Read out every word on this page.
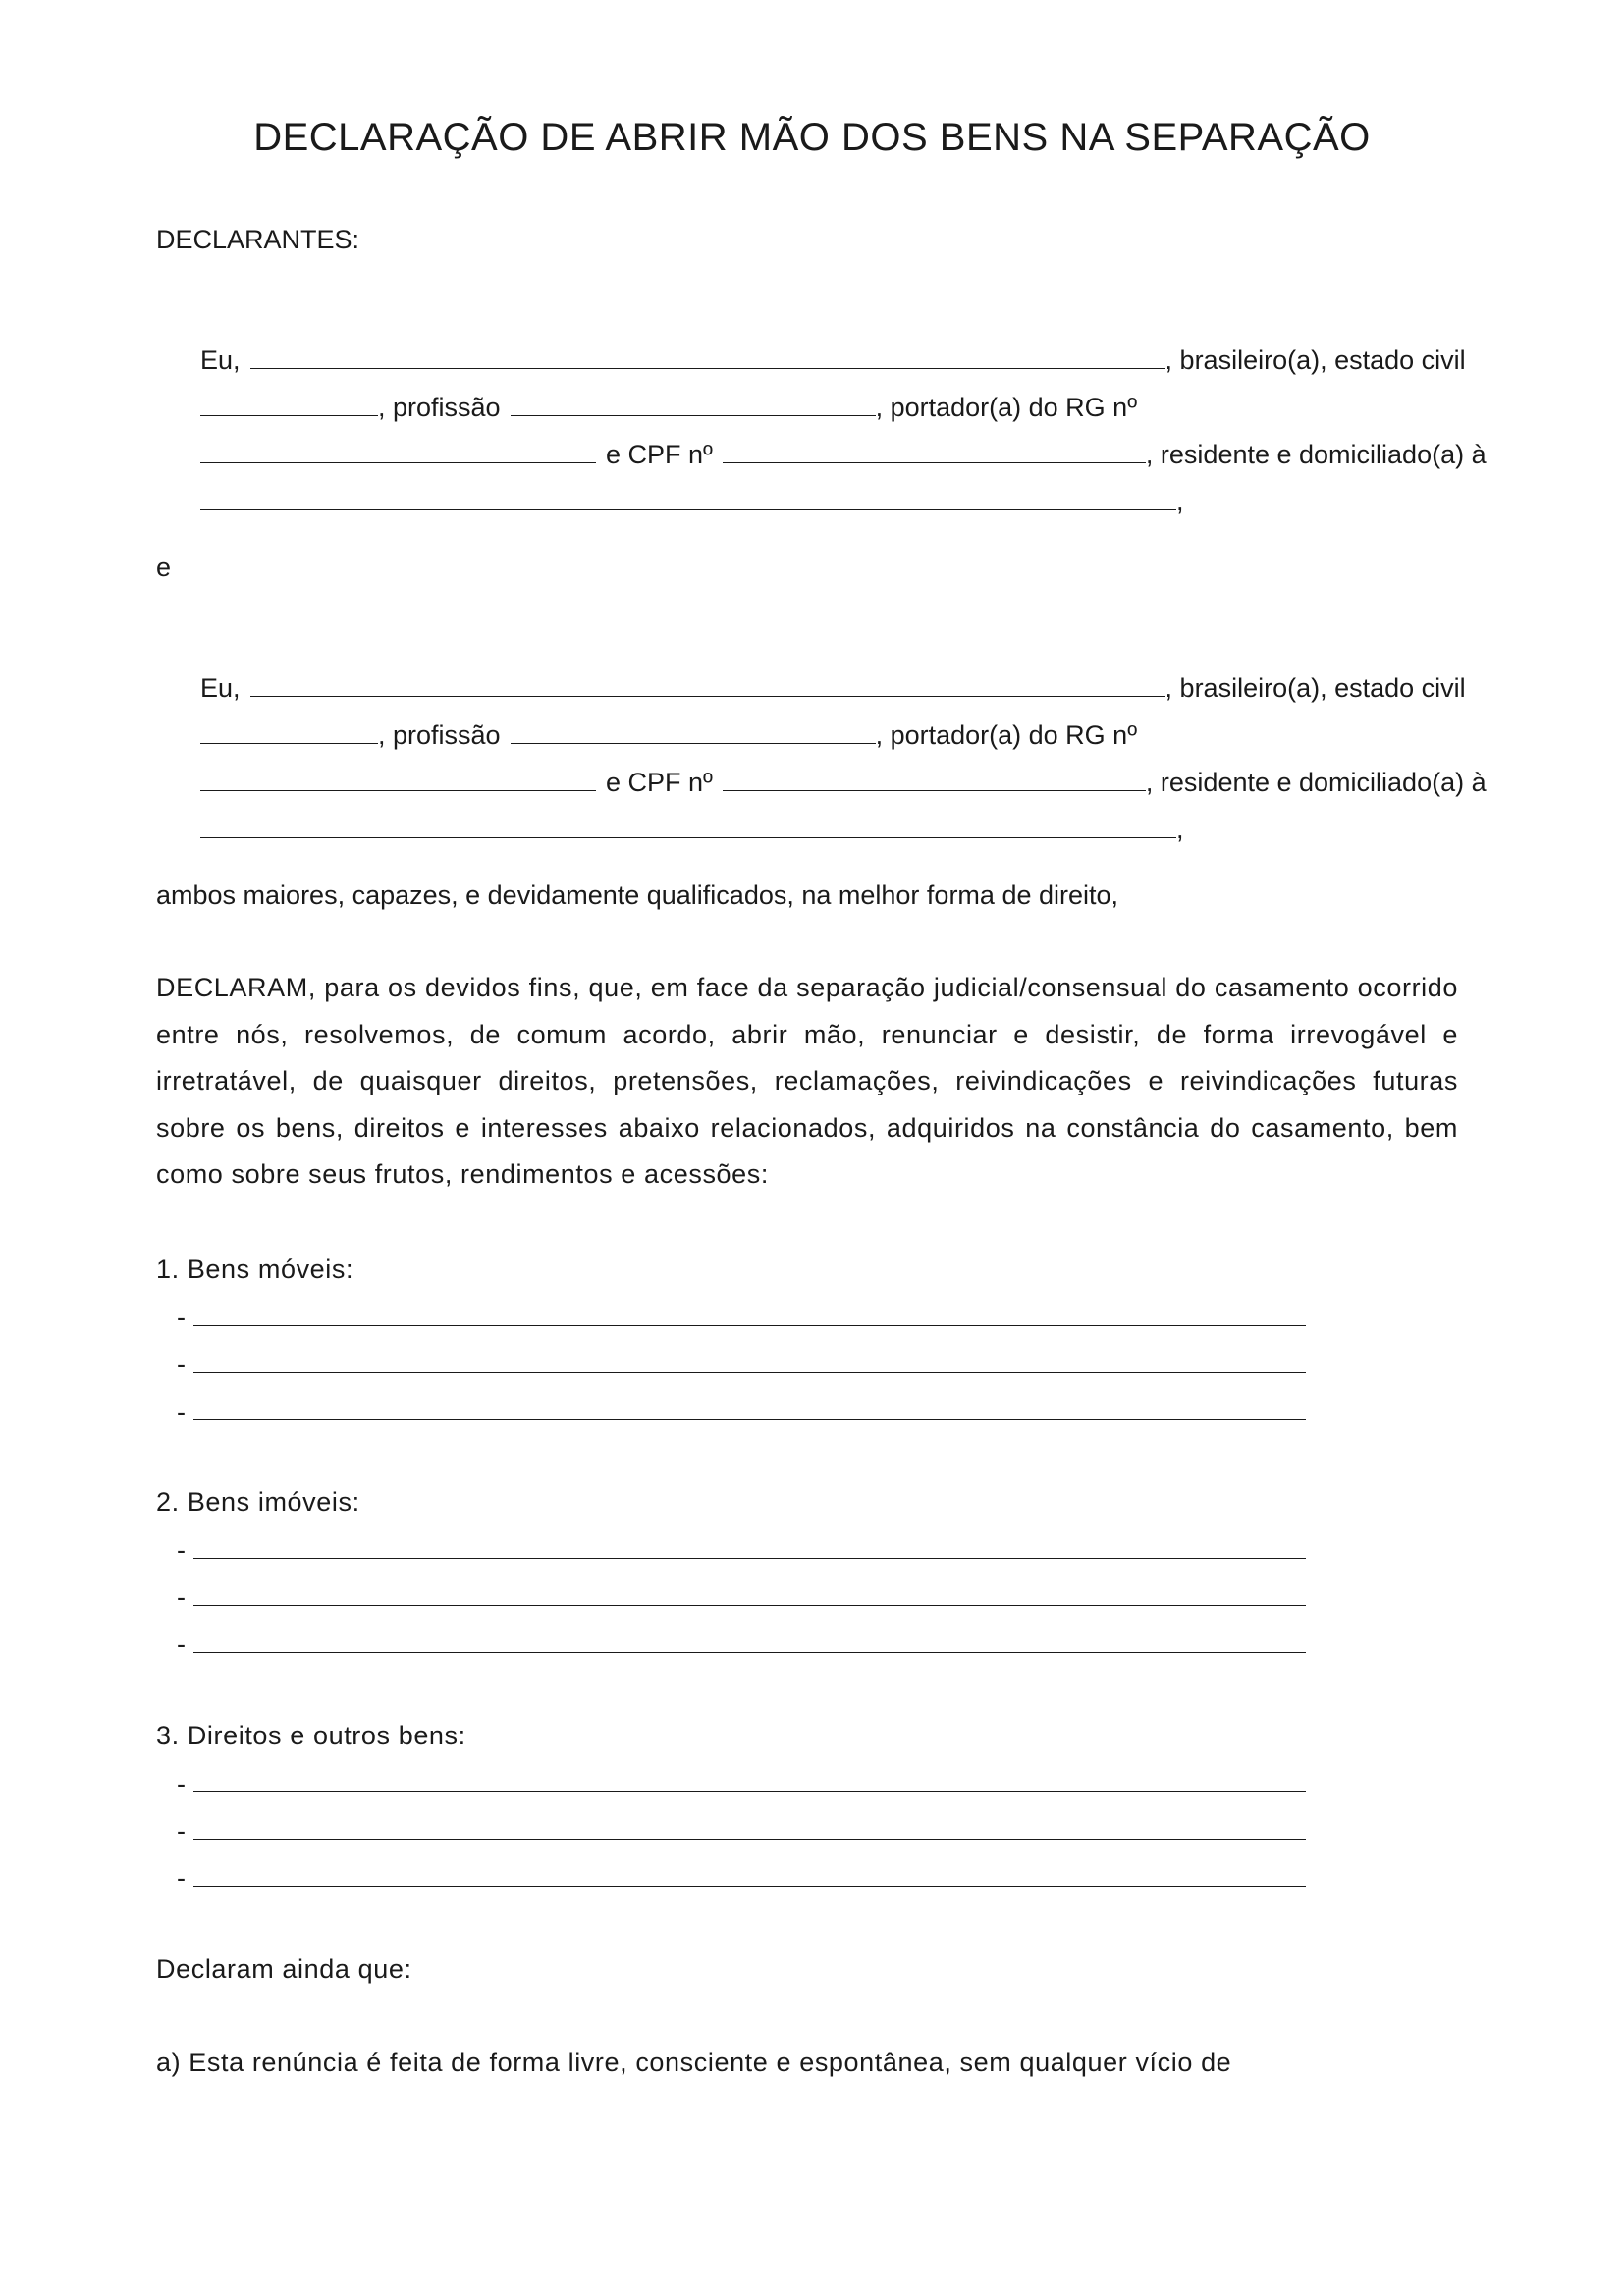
DECLARAÇÃO DE ABRIR MÃO DOS BENS NA SEPARAÇÃO

DECLARANTES:

Eu,	, brasileiro(a), estado civil

, profissão	, portador(a) do RG nº

e CPF nº	, residente e domiciliado(a) à

,

e

Eu,	, brasileiro(a), estado civil

, profissão	, portador(a) do RG nº

e CPF nº	, residente e domiciliado(a) à

,

ambos maiores, capazes, e devidamente qualificados, na melhor forma de direito,

DECLARAM, para os devidos fins, que, em face da separação judicial/consensual do casamento ocorrido entre nós, resolvemos, de comum acordo, abrir mão, renunciar e desistir, de forma irrevogável e irretratável, de quaisquer direitos, pretensões, reclamações, reivindicações e reivindicações futuras sobre os bens, direitos e interesses abaixo relacionados, adquiridos na constância do casamento, bem como sobre seus frutos, rendimentos e acessões:

1. Bens móveis:

-

-

-

2. Bens imóveis:

-

-

-

3. Direitos e outros bens:

-

-

-

Declaram ainda que:

a) Esta renúncia é feita de forma livre, consciente e espontânea, sem qualquer vício de
